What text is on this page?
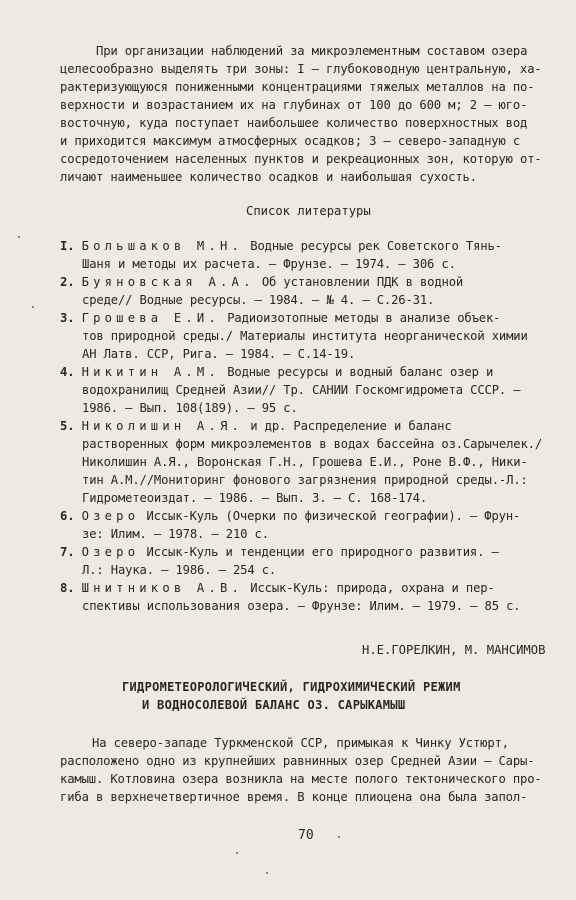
При организации наблюдений за микроэлементным составом озера
целесообразно выделять три зоны: I – глубоководную центральную, ха-
рактеризующуюся пониженными концентрациями тяжелых металлов на по-
верхности и возрастанием их на глубинах от 100 до 600 м; 2 – юго-
восточную, куда поступает наибольшее количество поверхностных вод
и приходится максимум атмосферных осадков; 3 – северо-западную с
сосредоточением населенных пунктов и рекреационных зон, которую от-
личают наименьшее количество осадков и наибольшая сухость.
Список литературы
I. Большаков М.Н. Водные ресурсы рек Советского Тянь-
Шаня и методы их расчета. – Фрунзе. – 1974. – 306 с.
2. Буяновская А.А. Об установлении ПДК в водной
среде// Водные ресурсы. – 1984. – № 4. – С.26-31.
3. Грошева Е.И. Радиоизотопные методы в анализе объек-
тов природной среды./ Материалы института неорганической химии
АН Латв. ССР, Рига. – 1984. – С.14-19.
4. Никитин А.М. Водные ресурсы и водный баланс озер и
водохранилищ Средней Азии// Тр. САНИИ Госкомгидромета СССР. –
1986. – Вып. 108(189). – 95 с.
5. Николишин А.Я. и др. Распределение и баланс
растворенных форм микроэлементов в водах бассейна оз.Сарычелек./
Николишин А.Я., Воронская Г.Н., Грошева Е.И., Роне В.Ф., Ники-
тин А.М.//Мониторинг фонового загрязнения природной среды.-Л.:
Гидрометеоиздат. – 1986. – Вып. 3. – С. 168-174.
6. Озеро Иссык-Куль (Очерки по физической географии). – Фрун-
зе: Илим. – 1978. – 210 с.
7. Озеро Иссык-Куль и тенденции его природного развития. –
Л.: Наука. – 1986. – 254 с.
8. Шнитников А.В. Иссык-Куль: природа, охрана и пер-
спективы использования озера. – Фрунзе: Илим. – 1979. – 85 с.
Н.Е.ГОРЕЛКИН, М. МАНСИМОВ
ГИДРОМЕТЕОРОЛОГИЧЕСКИЙ, ГИДРОХИМИЧЕСКИЙ РЕЖИМ
И ВОДНОСОЛЕВОЙ БАЛАНС ОЗ. САРЫКАМЫШ
На северо-западе Туркменской ССР, примыкая к Чинку Устюрт,
расположено одно из крупнейших равнинных озер Средней Азии – Сары-
камыш. Котловина озера возникла на месте полого тектонического про-
гиба в верхнечетвертичное время. В конце плиоцена она была запол-
70
